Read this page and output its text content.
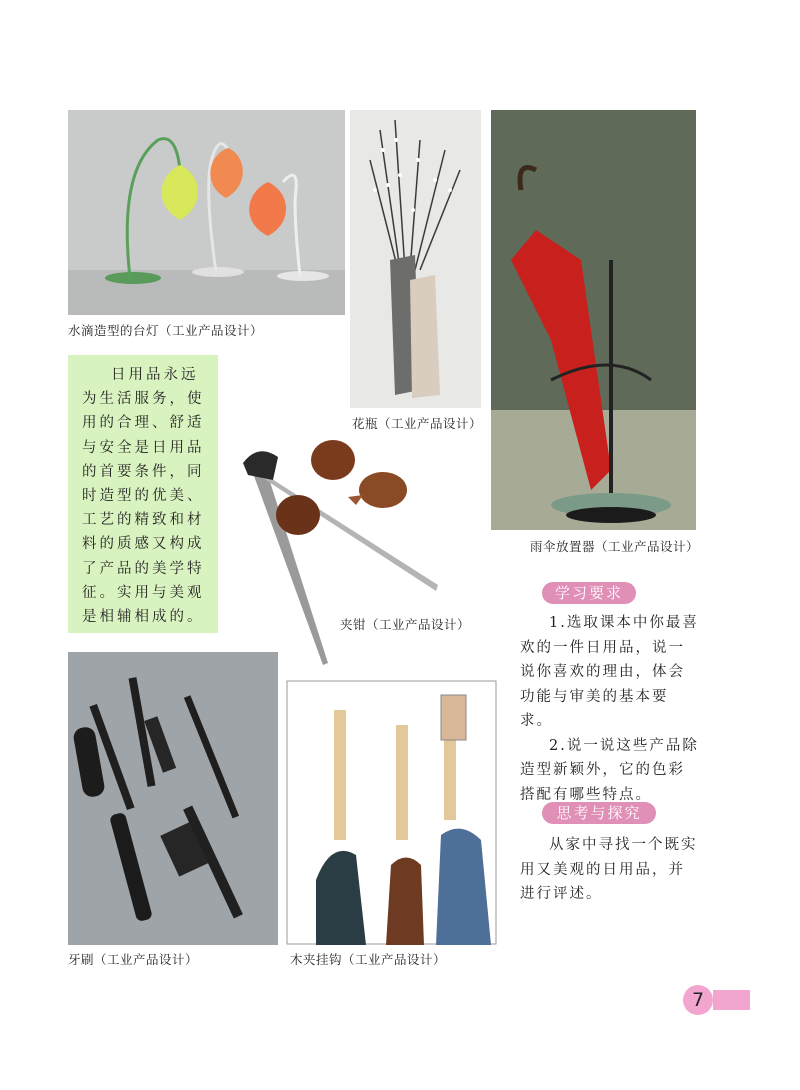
水滴造型的台灯（工业产品设计）
花瓶（工业产品设计）
雨伞放置器（工业产品设计）

日用品永远为生活服务，使用的合理、舒适与安全是日用品的首要条件，同时造型的优美、工艺的精致和材料的质感又构成了产品的美学特征。实用与美观是相辅相成的。	夹钳（工业产品设计）
学习要求

1.选取课本中你最喜欢的一件日用品，说一说你喜欢的理由，体会功能与审美的基本要求。

2.说一说这些产品除造型新颖外，它的色彩搭配有哪些特点。

思考与探究

从家中寻找一个既实用又美观的日用品，并进行评述。

牙刷（工业产品设计）	木夹挂钩（工业产品设计）
7
